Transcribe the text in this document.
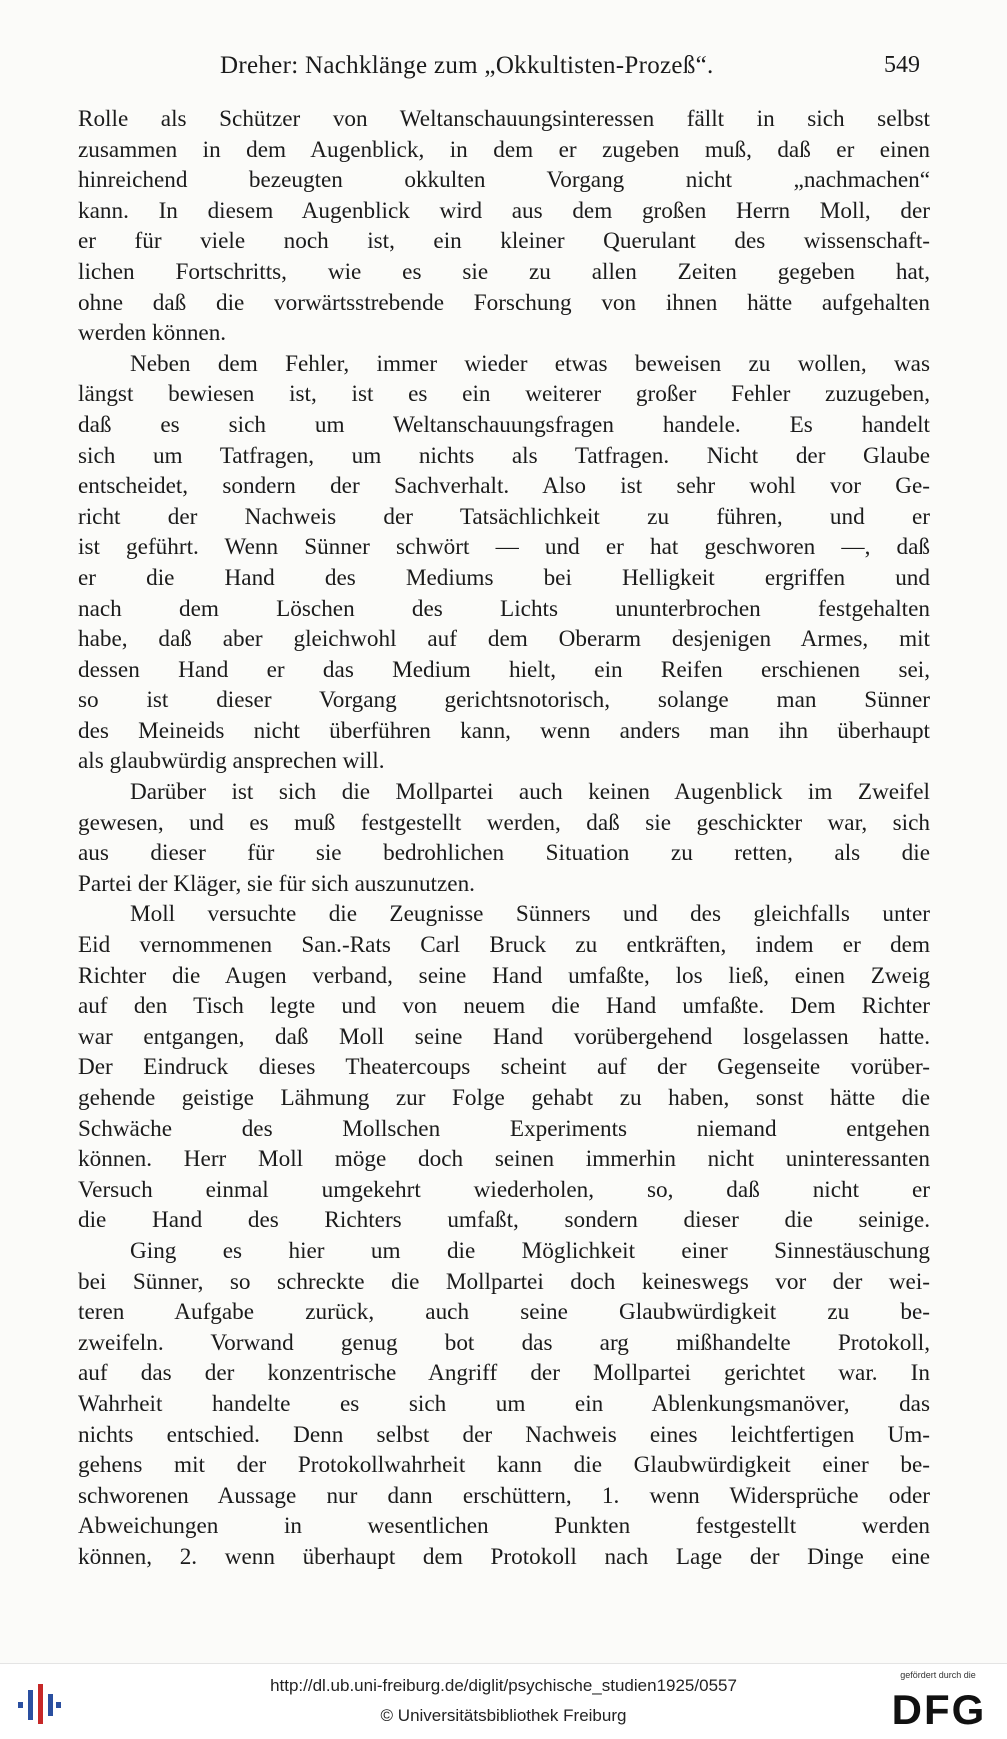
Dreher: Nachklänge zum „Okkultisten-Prozeß“.	549
Rolle als Schützer von Weltanschauungsinteressen fällt in sich selbst
zusammen in dem Augenblick, in dem er zugeben muß, daß er einen
hinreichend bezeugten okkulten Vorgang nicht „nachmachen“
kann. In diesem Augenblick wird aus dem großen Herrn Moll, der
er für viele noch ist, ein kleiner Querulant des wissenschaft-
lichen Fortschritts, wie es sie zu allen Zeiten gegeben hat,
ohne daß die vorwärtsstrebende Forschung von ihnen hätte aufgehalten
werden können.
Neben dem Fehler, immer wieder etwas beweisen zu wollen, was
längst bewiesen ist, ist es ein weiterer großer Fehler zuzugeben,
daß es sich um Weltanschauungsfragen handele. Es handelt
sich um Tatfragen, um nichts als Tatfragen. Nicht der Glaube
entscheidet, sondern der Sachverhalt. Also ist sehr wohl vor Ge-
richt der Nachweis der Tatsächlichkeit zu führen, und er
ist geführt. Wenn Sünner schwört — und er hat geschworen —, daß
er die Hand des Mediums bei Helligkeit ergriffen und
nach dem Löschen des Lichts ununterbrochen festgehalten
habe, daß aber gleichwohl auf dem Oberarm desjenigen Armes, mit
dessen Hand er das Medium hielt, ein Reifen erschienen sei,
so ist dieser Vorgang gerichtsnotorisch, solange man Sünner
des Meineids nicht überführen kann, wenn anders man ihn überhaupt
als glaubwürdig ansprechen will.
Darüber ist sich die Mollpartei auch keinen Augenblick im Zweifel
gewesen, und es muß festgestellt werden, daß sie geschickter war, sich
aus dieser für sie bedrohlichen Situation zu retten, als die
Partei der Kläger, sie für sich auszunutzen.
Moll versuchte die Zeugnisse Sünners und des gleichfalls unter
Eid vernommenen San.-Rats Carl Bruck zu entkräften, indem er dem
Richter die Augen verband, seine Hand umfaßte, los ließ, einen Zweig
auf den Tisch legte und von neuem die Hand umfaßte. Dem Richter
war entgangen, daß Moll seine Hand vorübergehend losgelassen hatte.
Der Eindruck dieses Theatercoups scheint auf der Gegenseite vorüber-
gehende geistige Lähmung zur Folge gehabt zu haben, sonst hätte die
Schwäche des Mollschen Experiments niemand entgehen
können. Herr Moll möge doch seinen immerhin nicht uninteressanten
Versuch einmal umgekehrt wiederholen, so, daß nicht er
die Hand des Richters umfaßt, sondern dieser die seinige.
Ging es hier um die Möglichkeit einer Sinnestäuschung
bei Sünner, so schreckte die Mollpartei doch keineswegs vor der wei-
teren Aufgabe zurück, auch seine Glaubwürdigkeit zu be-
zweifeln. Vorwand genug bot das arg mißhandelte Protokoll,
auf das der konzentrische Angriff der Mollpartei gerichtet war. In
Wahrheit handelte es sich um ein Ablenkungsmanöver, das
nichts entschied. Denn selbst der Nachweis eines leichtfertigen Um-
gehens mit der Protokollwahrheit kann die Glaubwürdigkeit einer be-
schworenen Aussage nur dann erschüttern, 1. wenn Widersprüche oder
Abweichungen in wesentlichen Punkten festgestellt werden
können, 2. wenn überhaupt dem Protokoll nach Lage der Dinge eine
http://dl.ub.uni-freiburg.de/diglit/psychische_studien1925/0557
© Universitätsbibliothek Freiburg
gefördert durch die
DFG
